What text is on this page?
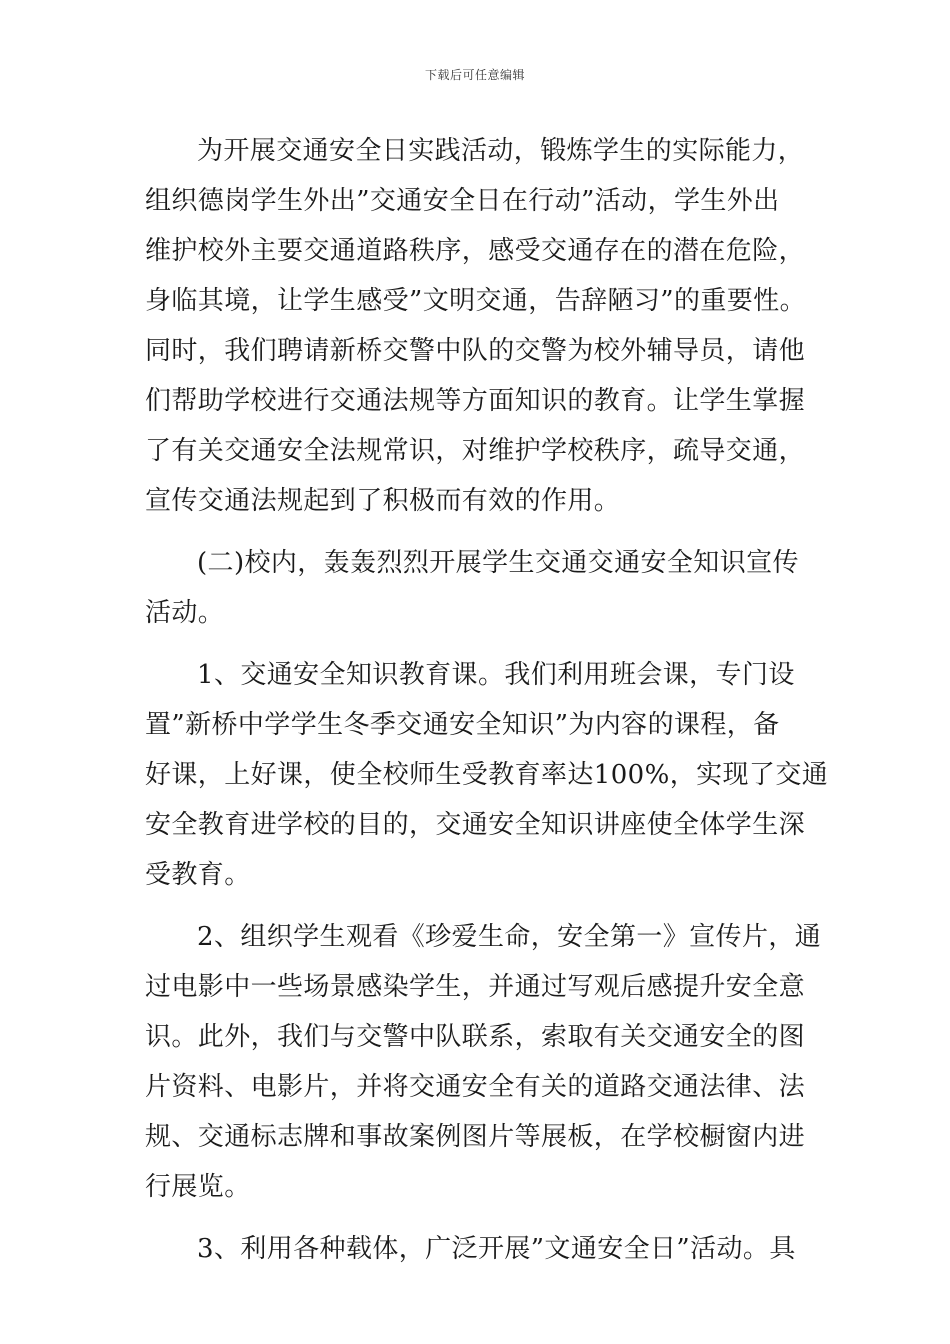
下载后可任意编辑
为开展交通安全日实践活动，锻炼学生的实际能力，
组织德岗学生外出”交通安全日在行动”活动，学生外出
维护校外主要交通道路秩序，感受交通存在的潜在危险，
身临其境，让学生感受”文明交通，告辞陋习”的重要性。
同时，我们聘请新桥交警中队的交警为校外辅导员，请他
们帮助学校进行交通法规等方面知识的教育。让学生掌握
了有关交通安全法规常识，对维护学校秩序，疏导交通，
宣传交通法规起到了积极而有效的作用。
(二)校内，轰轰烈烈开展学生交通交通安全知识宣传
活动。
1、交通安全知识教育课。我们利用班会课，专门设
置”新桥中学学生冬季交通安全知识”为内容的课程，备
好课，上好课，使全校师生受教育率达100%，实现了交通
安全教育进学校的目的，交通安全知识讲座使全体学生深
受教育。
2、组织学生观看《珍爱生命，安全第一》宣传片，通
过电影中一些场景感染学生，并通过写观后感提升安全意
识。此外，我们与交警中队联系，索取有关交通安全的图
片资料、电影片，并将交通安全有关的道路交通法律、法
规、交通标志牌和事故案例图片等展板，在学校橱窗内进
行展览。
3、利用各种载体，广泛开展”文通安全日”活动。具
